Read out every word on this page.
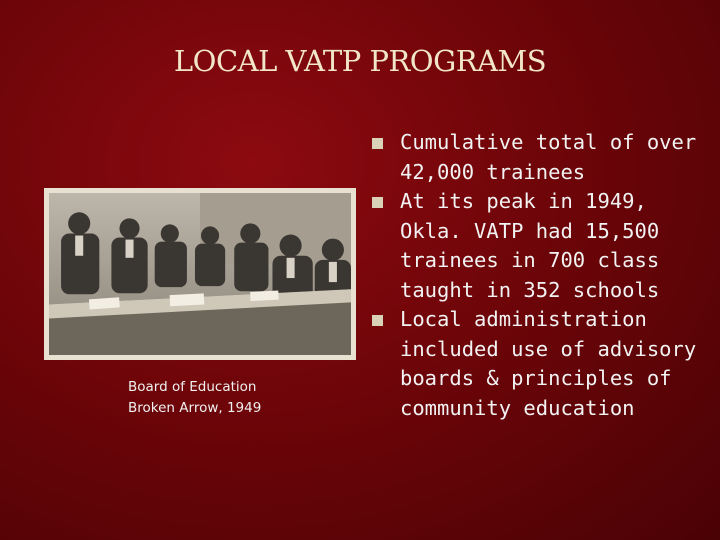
LOCAL VATP PROGRAMS
Board of Education
Broken Arrow, 1949
Cumulative total of over 42,000 trainees
At its peak in 1949, Okla. VATP had 15,500 trainees in 700 class taught in 352 schools
Local administration included use of advisory boards & principles of community education
